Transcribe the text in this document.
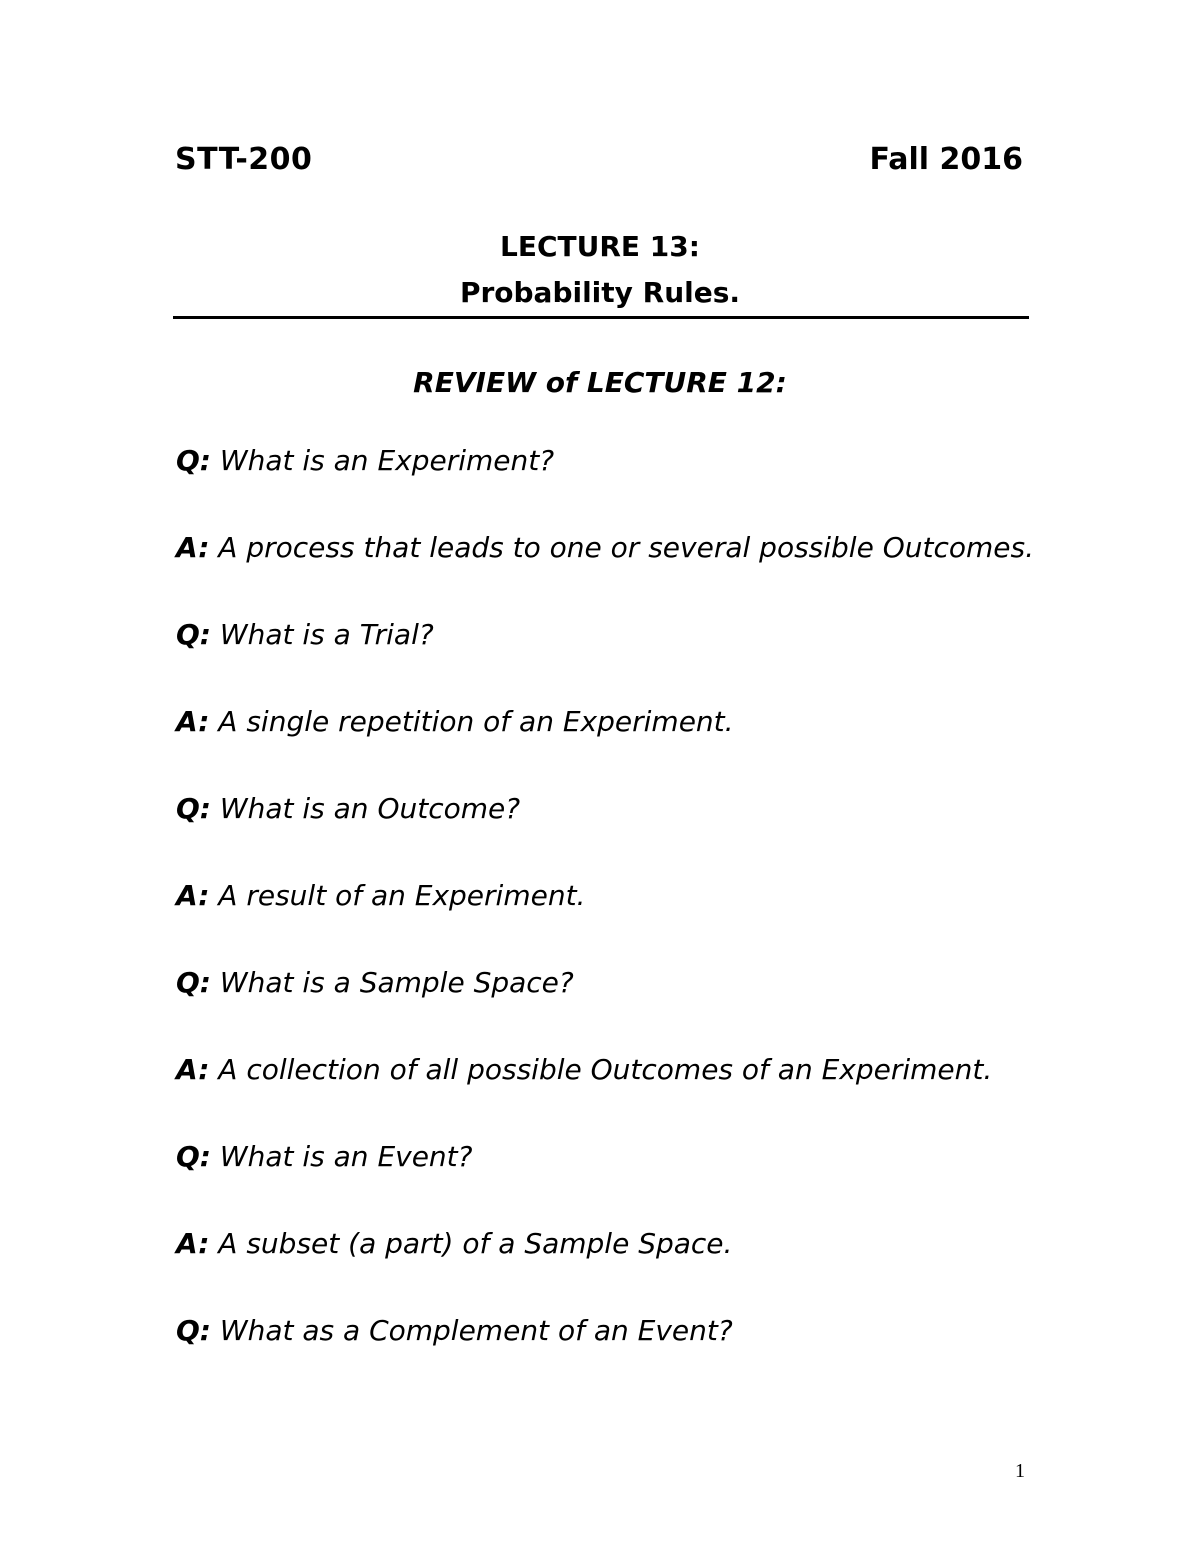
STT-200	Fall 2016
LECTURE 13:
Probability Rules.
REVIEW of LECTURE 12:
Q: What is an Experiment?
A: A process that leads to one or several possible Outcomes.
Q: What is a Trial?
A: A single repetition of an Experiment.
Q: What is an Outcome?
A: A result of an Experiment.
Q: What is a Sample Space?
A: A collection of all possible Outcomes of an Experiment.
Q: What is an Event?
A: A subset (a part) of a Sample Space.
Q: What as a Complement of an Event?
1
